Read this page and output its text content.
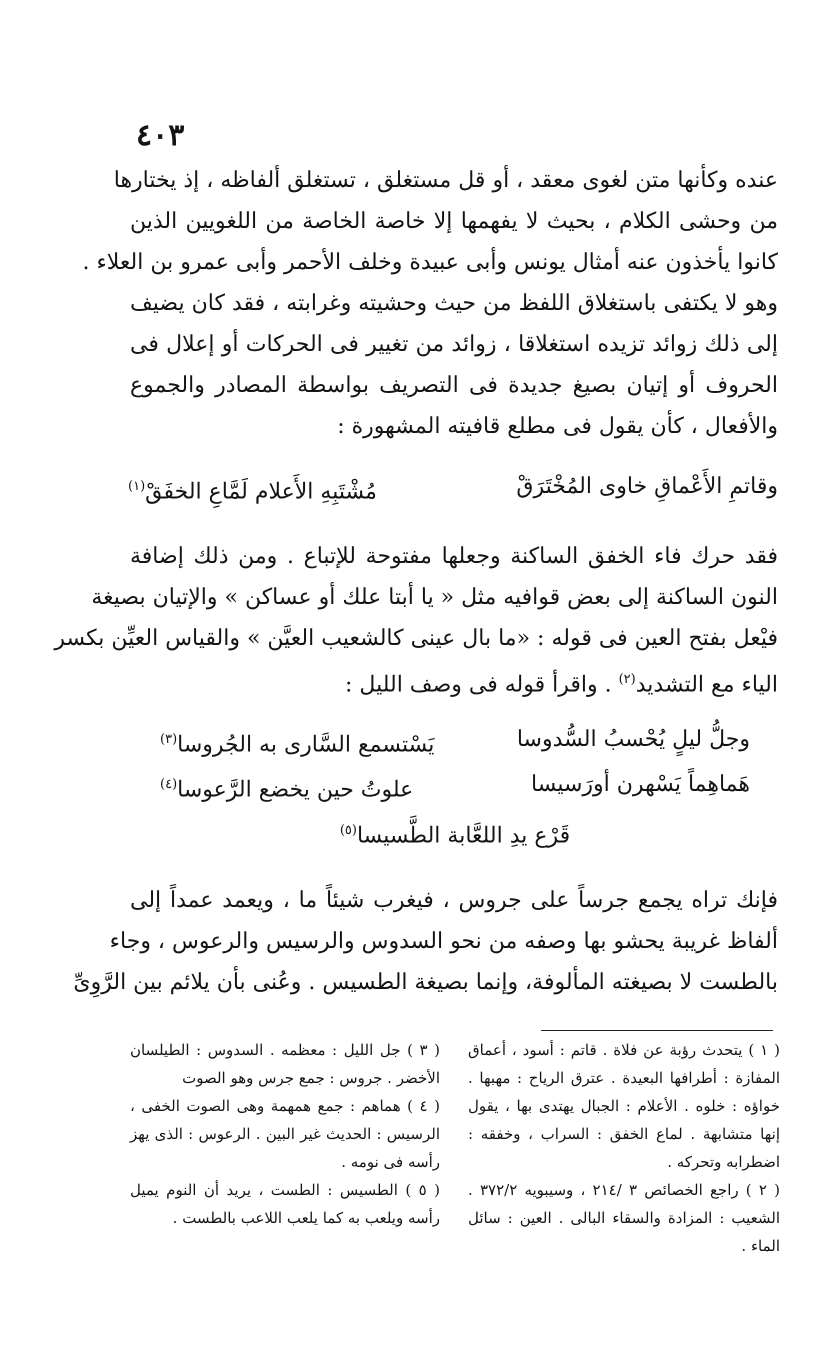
٤٠٣
عنده وكأنها متن لغوى معقد ، أو قل مستغلق ، تستغلق ألفاظه ، إذ يختارها
من وحشى الكلام ، بحيث لا يفهمها إلا خاصة الخاصة من اللغويين الذين
كانوا يأخذون عنه أمثال يونس وأبى عبيدة وخلف الأحمر وأبى عمرو بن العلاء .
وهو لا يكتفى باستغلاق اللفظ من حيث وحشيته وغرابته ، فقد كان يضيف
إلى ذلك زوائد تزيده استغلاقا ، زوائد من تغيير فى الحركات أو إعلال فى
الحروف أو إتيان بصيغ جديدة فى التصريف بواسطة المصادر والجموع
والأفعال ، كأن يقول فى مطلع قافيته المشهورة :
وقاتمِ الأَعْماقِ خاوى المُخْتَرَقْ
مُشْتَبِهِ الأَعلام لَمَّاعِ الخفَقْ$^{(١)}$
فقد حرك فاء الخفق الساكنة وجعلها مفتوحة للإتباع . ومن ذلك إضافة
النون الساكنة إلى بعض قوافيه مثل « يا أبتا علك أو عساكن » والإتيان بصيغة
فيْعل بفتح العين فى قوله : «ما بال عينى كالشعيب العيَّن » والقياس العيِّن بكسر
الياء مع التشديد$^{(٢)}$ . واقرأ قوله فى وصف الليل :
وجلُّ ليلٍ يُحْسبُ السُّدوسا
يَسْتسمع السَّارى به الجُروسا$^{(٣)}$
هَماهِماً يَسْهرن أورَسيسا
علوتُ حين يخضع الرَّعوسا$^{(٤)}$
قَرْع يدِ اللعَّابة الطَّسيسا$^{(٥)}$
فإنك تراه يجمع جرساً على جروس ، فيغرب شيئاً ما ، ويعمد عمداً إلى
ألفاظ غريبة يحشو بها وصفه من نحو السدوس والرسيس والرعوس ، وجاء
بالطست لا بصيغته المألوفة، وإنما بصيغة الطسيس . وعُنى بأن يلائم بين الرَّوِىِّ

( ١ ) يتحدث رؤبة عن فلاة . قاتم : أسود ، أعماق المفازة : أطرافها البعيدة . عترق الرياح : مهبها . خواؤه : خلوه . الأعلام : الجبال يهتدى بها ، يقول إنها متشابهة . لماع الخفق : السراب ، وخفقه : اضطرابه وتحركه .

( ٢ ) راجع الخصائص ٣ /٢١٤ ، وسيبويه ٣٧٢/٢ . الشعيب : المزادة والسقاء البالى . العين : سائل الماء .

( ٣ ) جل الليل : معظمه . السدوس : الطيلسان الأخضر . جروس : جمع جرس وهو الصوت

( ٤ ) هماهم : جمع همهمة وهى الصوت الخفى ، الرسيس : الحديث غير البين . الرعوس : الذى يهز رأسه فى نومه .

( ٥ ) الطسيس : الطست ، يريد أن النوم يميل رأسه ويلعب به كما يلعب اللاعب بالطست .
